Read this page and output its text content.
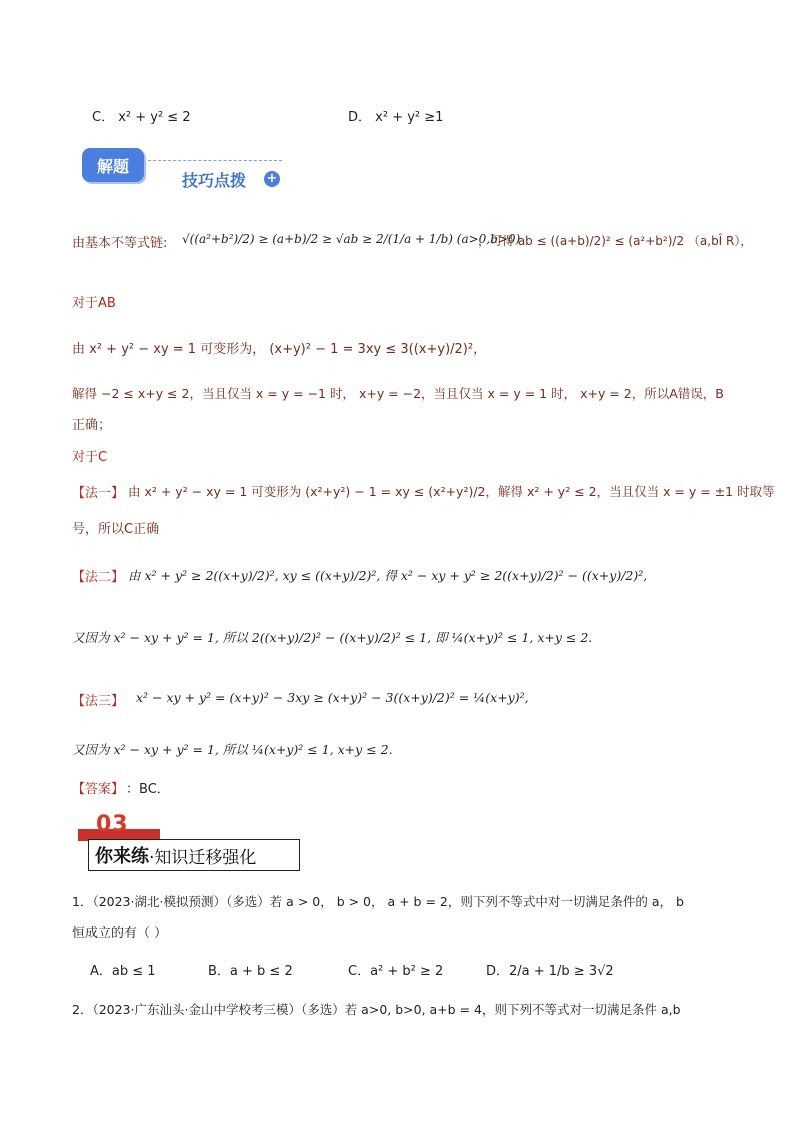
C． x² + y² ≤ 2	D． x² + y² ≥1
解题
技巧点拨 +
由基本不等式链: √((a²+b²)/2) ≥ (a+b)/2 ≥ √ab ≥ 2/(1/a + 1/b) (a>0,b>0)
，可得 ab ≤ ((a+b)/2)² ≤ (a²+b²)/2 （a,bÎ R），
对于AB
由 x² + y² − xy = 1 可变形为， (x+y)² − 1 = 3xy ≤ 3((x+y)/2)²，
解得 −2 ≤ x+y ≤ 2，当且仅当 x = y = −1 时， x+y = −2，当且仅当 x = y = 1 时， x+y = 2，所以A错误，B
正确；
对于C
【法一】 由 x² + y² − xy = 1 可变形为 (x²+y²) − 1 = xy ≤ (x²+y²)/2，解得 x² + y² ≤ 2，当且仅当 x = y = ±1 时取等
号，所以C正确
【法二】 由 x² + y² ≥ 2((x+y)/2)², xy ≤ ((x+y)/2)², 得 x² − xy + y² ≥ 2((x+y)/2)² − ((x+y)/2)²,
又因为 x² − xy + y² = 1, 所以 2((x+y)/2)² − ((x+y)/2)² ≤ 1, 即 ¼(x+y)² ≤ 1, x+y ≤ 2.
【法三】 x² − xy + y² = (x+y)² − 3xy ≥ (x+y)² − 3((x+y)/2)² = ¼(x+y)²,
又因为 x² − xy + y² = 1, 所以 ¼(x+y)² ≤ 1, x+y ≤ 2.
【答案】 ：BC．
03
你来练 ·知识迁移强化
1．（2023·湖北·模拟预测）（多选）若 a > 0， b > 0， a + b = 2，则下列不等式中对一切满足条件的 a， b
恒成立的有（ ）
A．ab ≤ 1	B．a + b ≤ 2	C．a² + b² ≥ 2	D．2/a + 1/b ≥ 3√2
2．（2023·广东汕头·金山中学校考三模）（多选）若 a>0, b>0, a+b = 4，则下列不等式对一切满足条件 a,b
